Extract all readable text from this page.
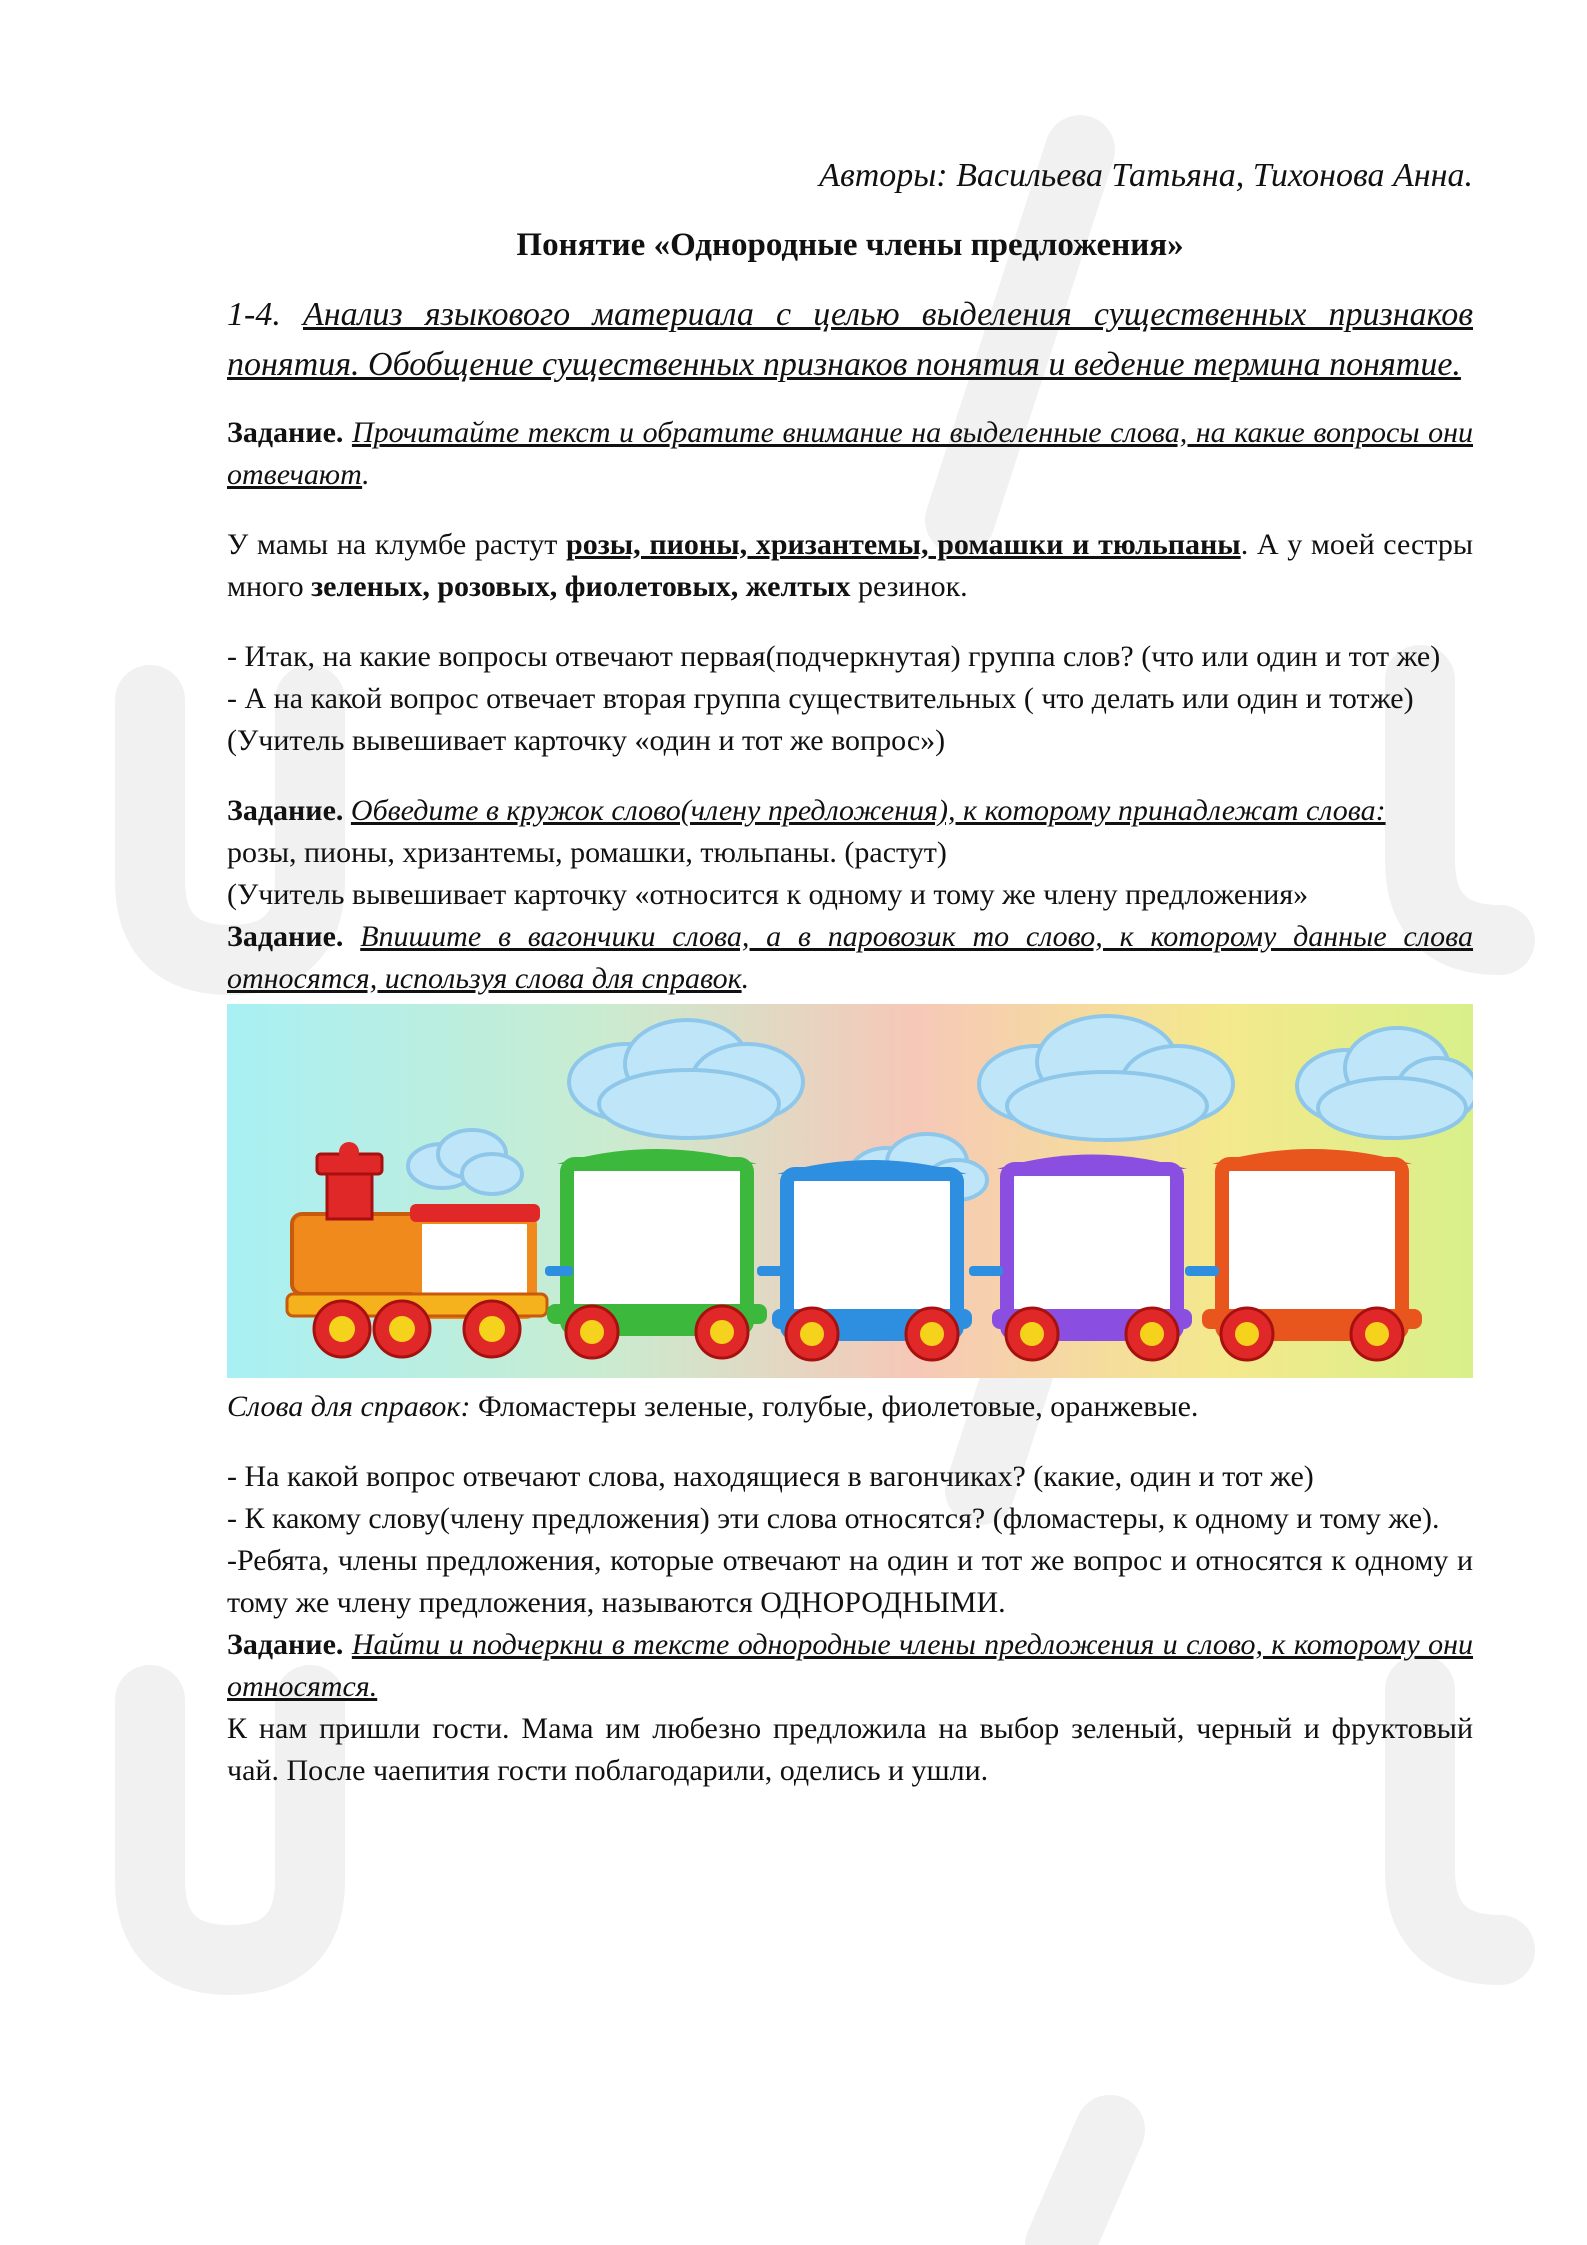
Авторы: Васильева Татьяна, Тихонова Анна.
Понятие «Однородные члены предложения»
1-4. Анализ языкового материала с целью выделения существенных признаков понятия. Обобщение существенных признаков понятия и ведение термина понятие.

Задание. Прочитайте текст и обратите внимание на выделенные слова, на какие вопросы они отвечают.

У мамы на клумбе растут розы, пионы, хризантемы, ромашки и тюльпаны. А у моей сестры много зеленых, розовых, фиолетовых, желтых резинок.

- Итак, на какие вопросы отвечают первая(подчеркнутая) группа слов? (что или один и тот же)

- А на какой вопрос отвечает вторая группа существительных ( что делать или один и тотже)

(Учитель вывешивает карточку «один и тот же вопрос»)

Задание. Обведите в кружок слово(члену предложения), к которому принадлежат слова:

розы, пионы, хризантемы, ромашки, тюльпаны. (растут)

(Учитель вывешивает карточку «относится к одному и тому же члену предложения»

Задание. Впишите в вагончики слова, а в паровозик то слово, к которому данные слова относятся, используя слова для справок.

Слова для справок: Фломастеры зеленые, голубые, фиолетовые, оранжевые.

- На какой вопрос отвечают слова, находящиеся в вагончиках? (какие, один и тот же)

- К какому слову(члену предложения) эти слова относятся? (фломастеры, к одному и тому же).

-Ребята, члены предложения, которые отвечают на один и тот же вопрос и относятся к одному и тому же члену предложения, называются ОДНОРОДНЫМИ.

Задание. Найти и подчеркни в тексте однородные члены предложения и слово, к которому они относятся.

К нам пришли гости. Мама им любезно предложила на выбор зеленый, черный и фруктовый чай. После чаепития гости поблагодарили, оделись и ушли.
